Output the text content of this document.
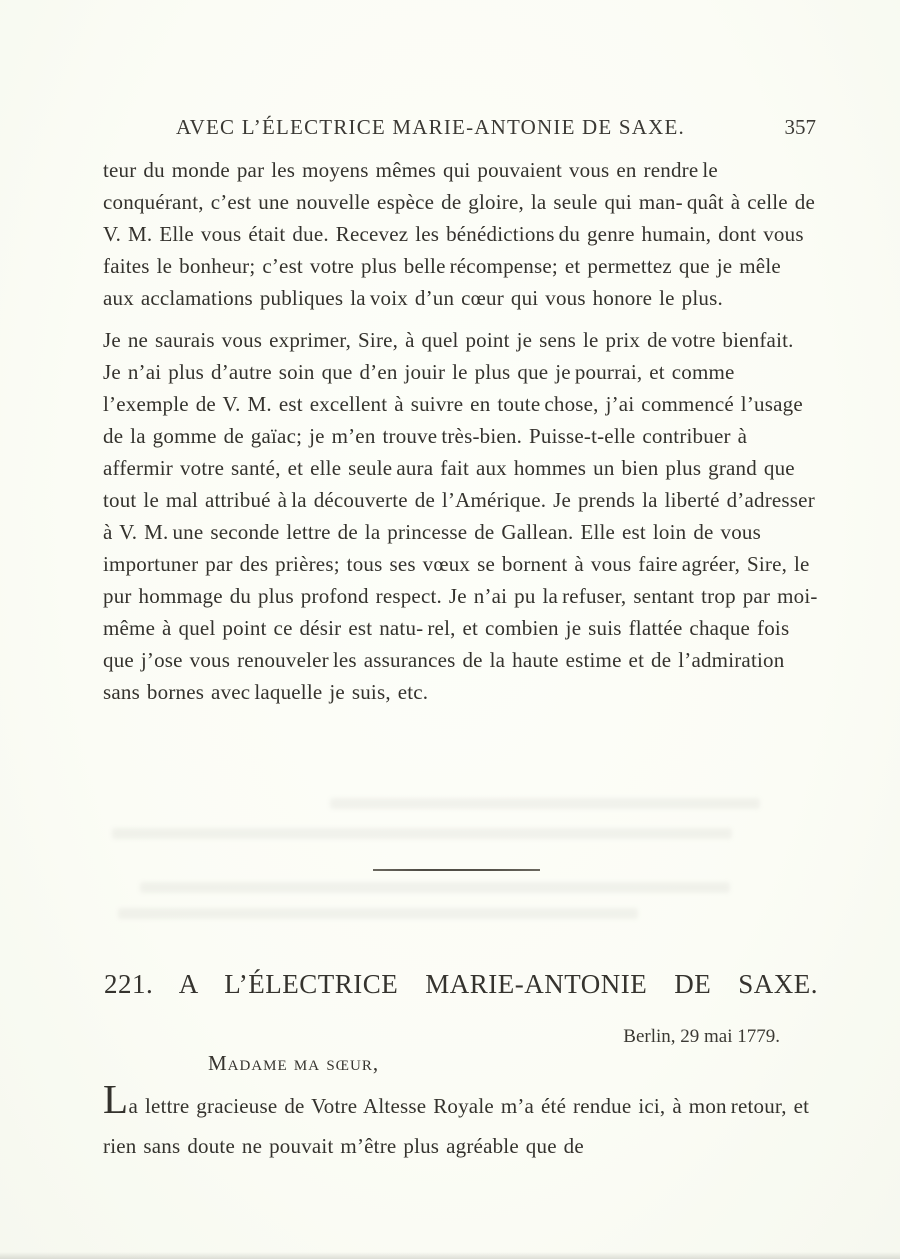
AVEC L’ÉLECTRICE MARIE-ANTONIE DE SAXE.	357

teur du monde par les moyens mêmes qui pouvaient vous en rendre le conquérant, c’est une nouvelle espèce de gloire, la seule qui man- quât à celle de V. M. Elle vous était due. Recevez les bénédictions du genre humain, dont vous faites le bonheur; c’est votre plus belle récompense; et permettez que je mêle aux acclamations publiques la voix d’un cœur qui vous honore le plus.

Je ne saurais vous exprimer, Sire, à quel point je sens le prix de votre bienfait. Je n’ai plus d’autre soin que d’en jouir le plus que je pourrai, et comme l’exemple de V. M. est excellent à suivre en toute chose, j’ai commencé l’usage de la gomme de gaïac; je m’en trouve très-bien. Puisse-t-elle contribuer à affermir votre santé, et elle seule aura fait aux hommes un bien plus grand que tout le mal attribué à la découverte de l’Amérique. Je prends la liberté d’adresser à V. M. une seconde lettre de la princesse de Gallean. Elle est loin de vous importuner par des prières; tous ses vœux se bornent à vous faire agréer, Sire, le pur hommage du plus profond respect. Je n’ai pu la refuser, sentant trop par moi-même à quel point ce désir est natu- rel, et combien je suis flattée chaque fois que j’ose vous renouveler les assurances de la haute estime et de l’admiration sans bornes avec laquelle je suis, etc.

221. A L’ÉLECTRICE MARIE-ANTONIE DE SAXE.
Berlin, 29 mai 1779.
Madame ma sœur,

La lettre gracieuse de Votre Altesse Royale m’a été rendue ici, à mon retour, et rien sans doute ne pouvait m’être plus agréable que de
